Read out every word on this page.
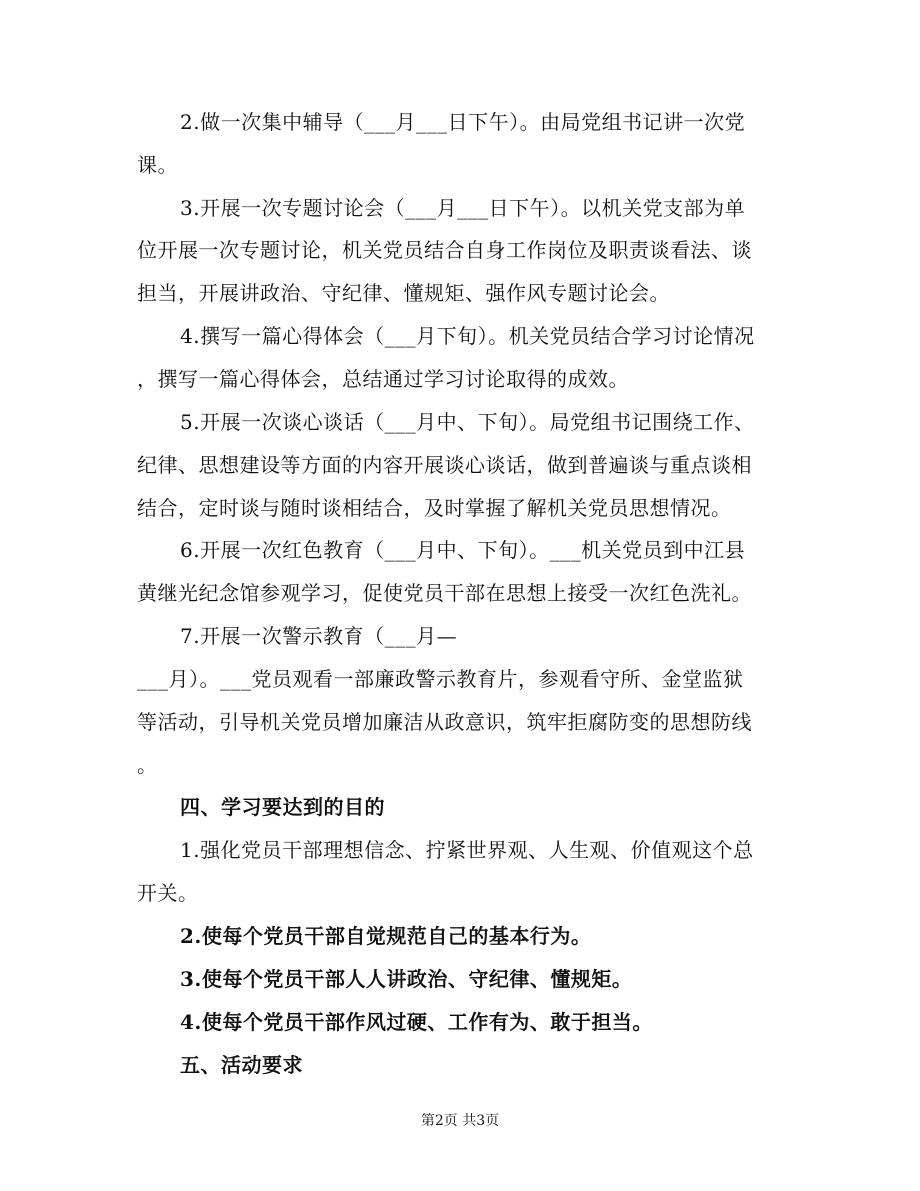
2.做一次集中辅导（___月___日下午）。由局党组书记讲一次党
课。
3.开展一次专题讨论会（___月___日下午）。以机关党支部为单
位开展一次专题讨论，机关党员结合自身工作岗位及职责谈看法、谈
担当，开展讲政治、守纪律、懂规矩、强作风专题讨论会。
4.撰写一篇心得体会（___月下旬）。机关党员结合学习讨论情况
，撰写一篇心得体会，总结通过学习讨论取得的成效。
5.开展一次谈心谈话（___月中、下旬）。局党组书记围绕工作、
纪律、思想建设等方面的内容开展谈心谈话，做到普遍谈与重点谈相
结合，定时谈与随时谈相结合，及时掌握了解机关党员思想情况。
6.开展一次红色教育（___月中、下旬）。___机关党员到中江县
黄继光纪念馆参观学习，促使党员干部在思想上接受一次红色洗礼。
7.开展一次警示教育（___月—
___月）。___党员观看一部廉政警示教育片，参观看守所、金堂监狱
等活动，引导机关党员增加廉洁从政意识，筑牢拒腐防变的思想防线
。
四、学习要达到的目的
1.强化党员干部理想信念、拧紧世界观、人生观、价值观这个总
开关。
2.使每个党员干部自觉规范自己的基本行为。
3.使每个党员干部人人讲政治、守纪律、懂规矩。
4.使每个党员干部作风过硬、工作有为、敢于担当。
五、活动要求
第2页 共3页
